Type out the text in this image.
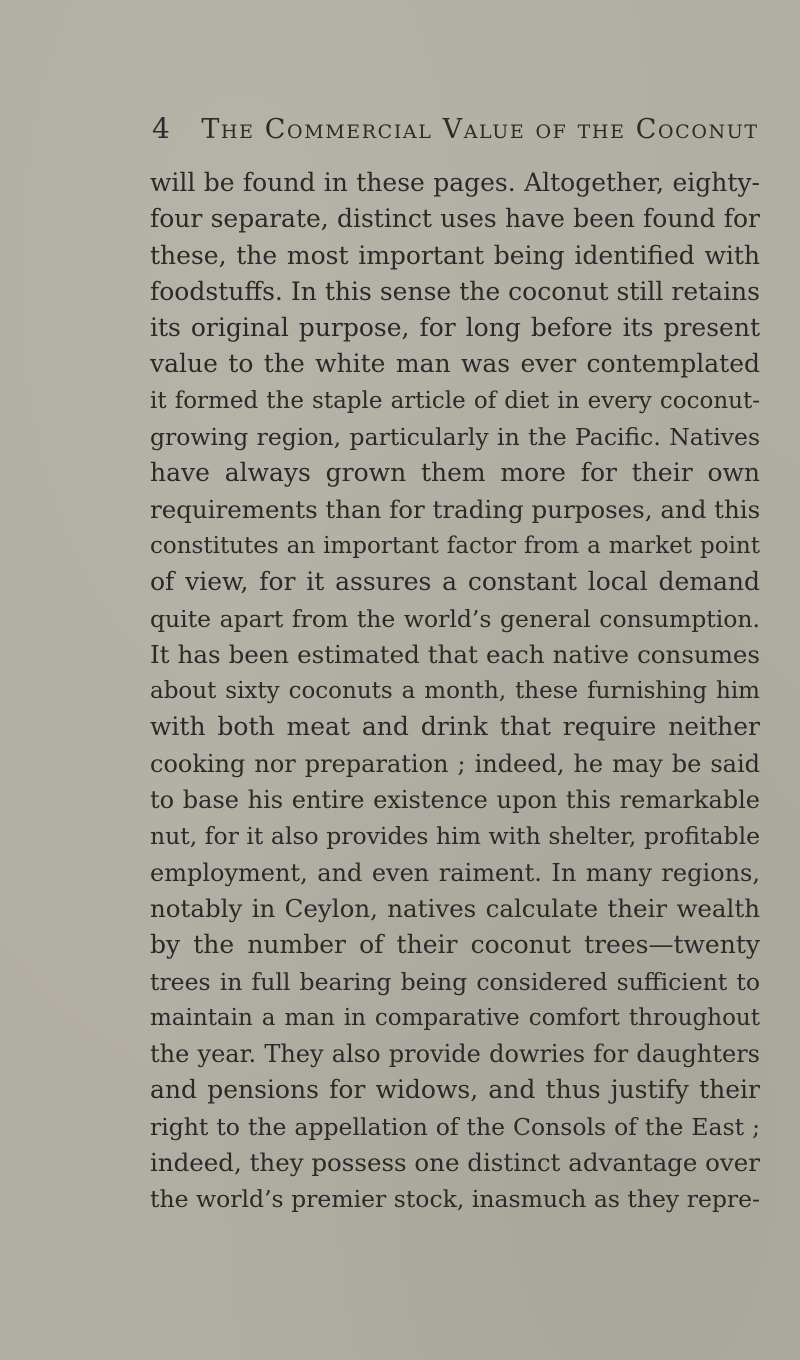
4 The Commercial Value of the Coconut
will be found in these pages. Altogether, eighty-
four separate, distinct uses have been found for
these, the most important being identified with
foodstuffs. In this sense the coconut still retains
its original purpose, for long before its present
value to the white man was ever contemplated
it formed the staple article of diet in every coconut-
growing region, particularly in the Pacific. Natives
have always grown them more for their own
requirements than for trading purposes, and this
constitutes an important factor from a market point
of view, for it assures a constant local demand
quite apart from the world’s general consumption.
It has been estimated that each native consumes
about sixty coconuts a month, these furnishing him
with both meat and drink that require neither
cooking nor preparation ; indeed, he may be said
to base his entire existence upon this remarkable
nut, for it also provides him with shelter, profitable
employment, and even raiment. In many regions,
notably in Ceylon, natives calculate their wealth
by the number of their coconut trees—twenty
trees in full bearing being considered sufficient to
maintain a man in comparative comfort throughout
the year. They also provide dowries for daughters
and pensions for widows, and thus justify their
right to the appellation of the Consols of the East ;
indeed, they possess one distinct advantage over
the world’s premier stock, inasmuch as they repre-
